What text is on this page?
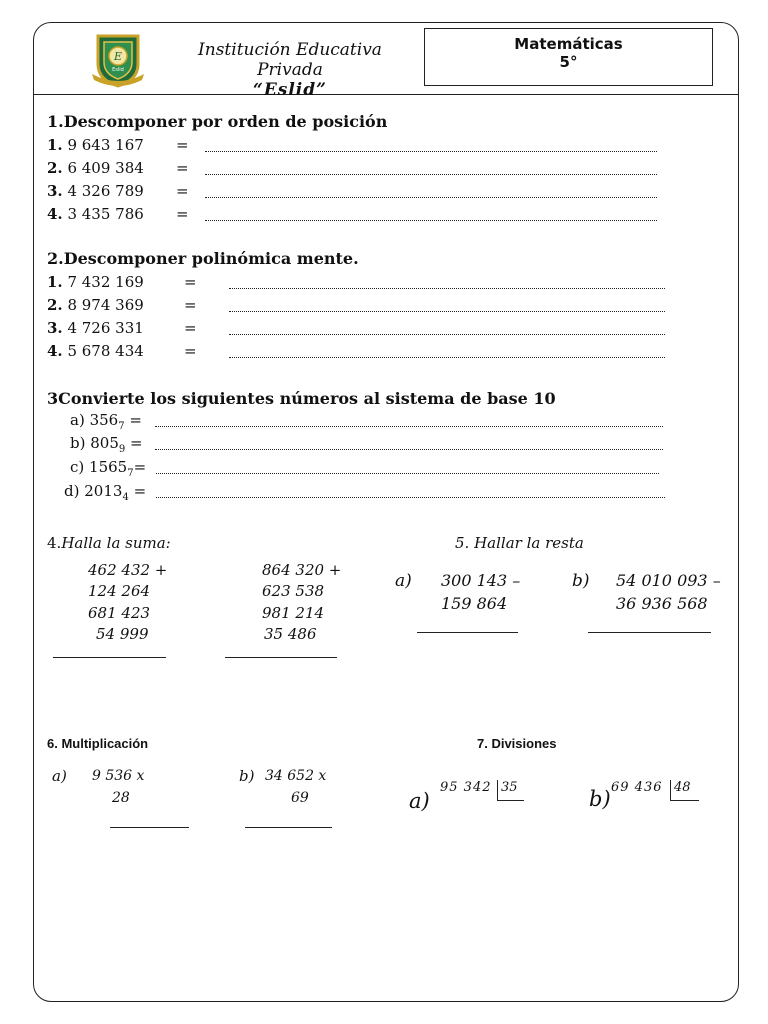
E
Eslid
Institución Educativa Privada
“Eslid”
Matemáticas
5°
1.Descomponer por orden de posición
1. 9 643 167 =
2. 6 409 384 =
3. 4 326 789 =
4. 3 435 786 =
2.Descomponer polinómica mente.
1. 7 432 169	=
2. 8 974 369	=
3. 4 726 331	=
4. 5 678 434	=
3Convierte los siguientes números al sistema de base 10
a) $356_7$ =
b) $805_9$ =
c) $1565_7=$
d) $2013_4$ =
4.Halla la suma:
462 432 +
124 264
681 423
54 999
864 320 +
623 538
981 214
35 486
5. Hallar la resta
a) 300 143 –
159 864
b) 54 010 093 –
36 936 568
6. Multiplicación
a) 9 536 x
28
b) 34 652 x
69
7. Divisiones
a)
95 342 35	b) 69 436 48
